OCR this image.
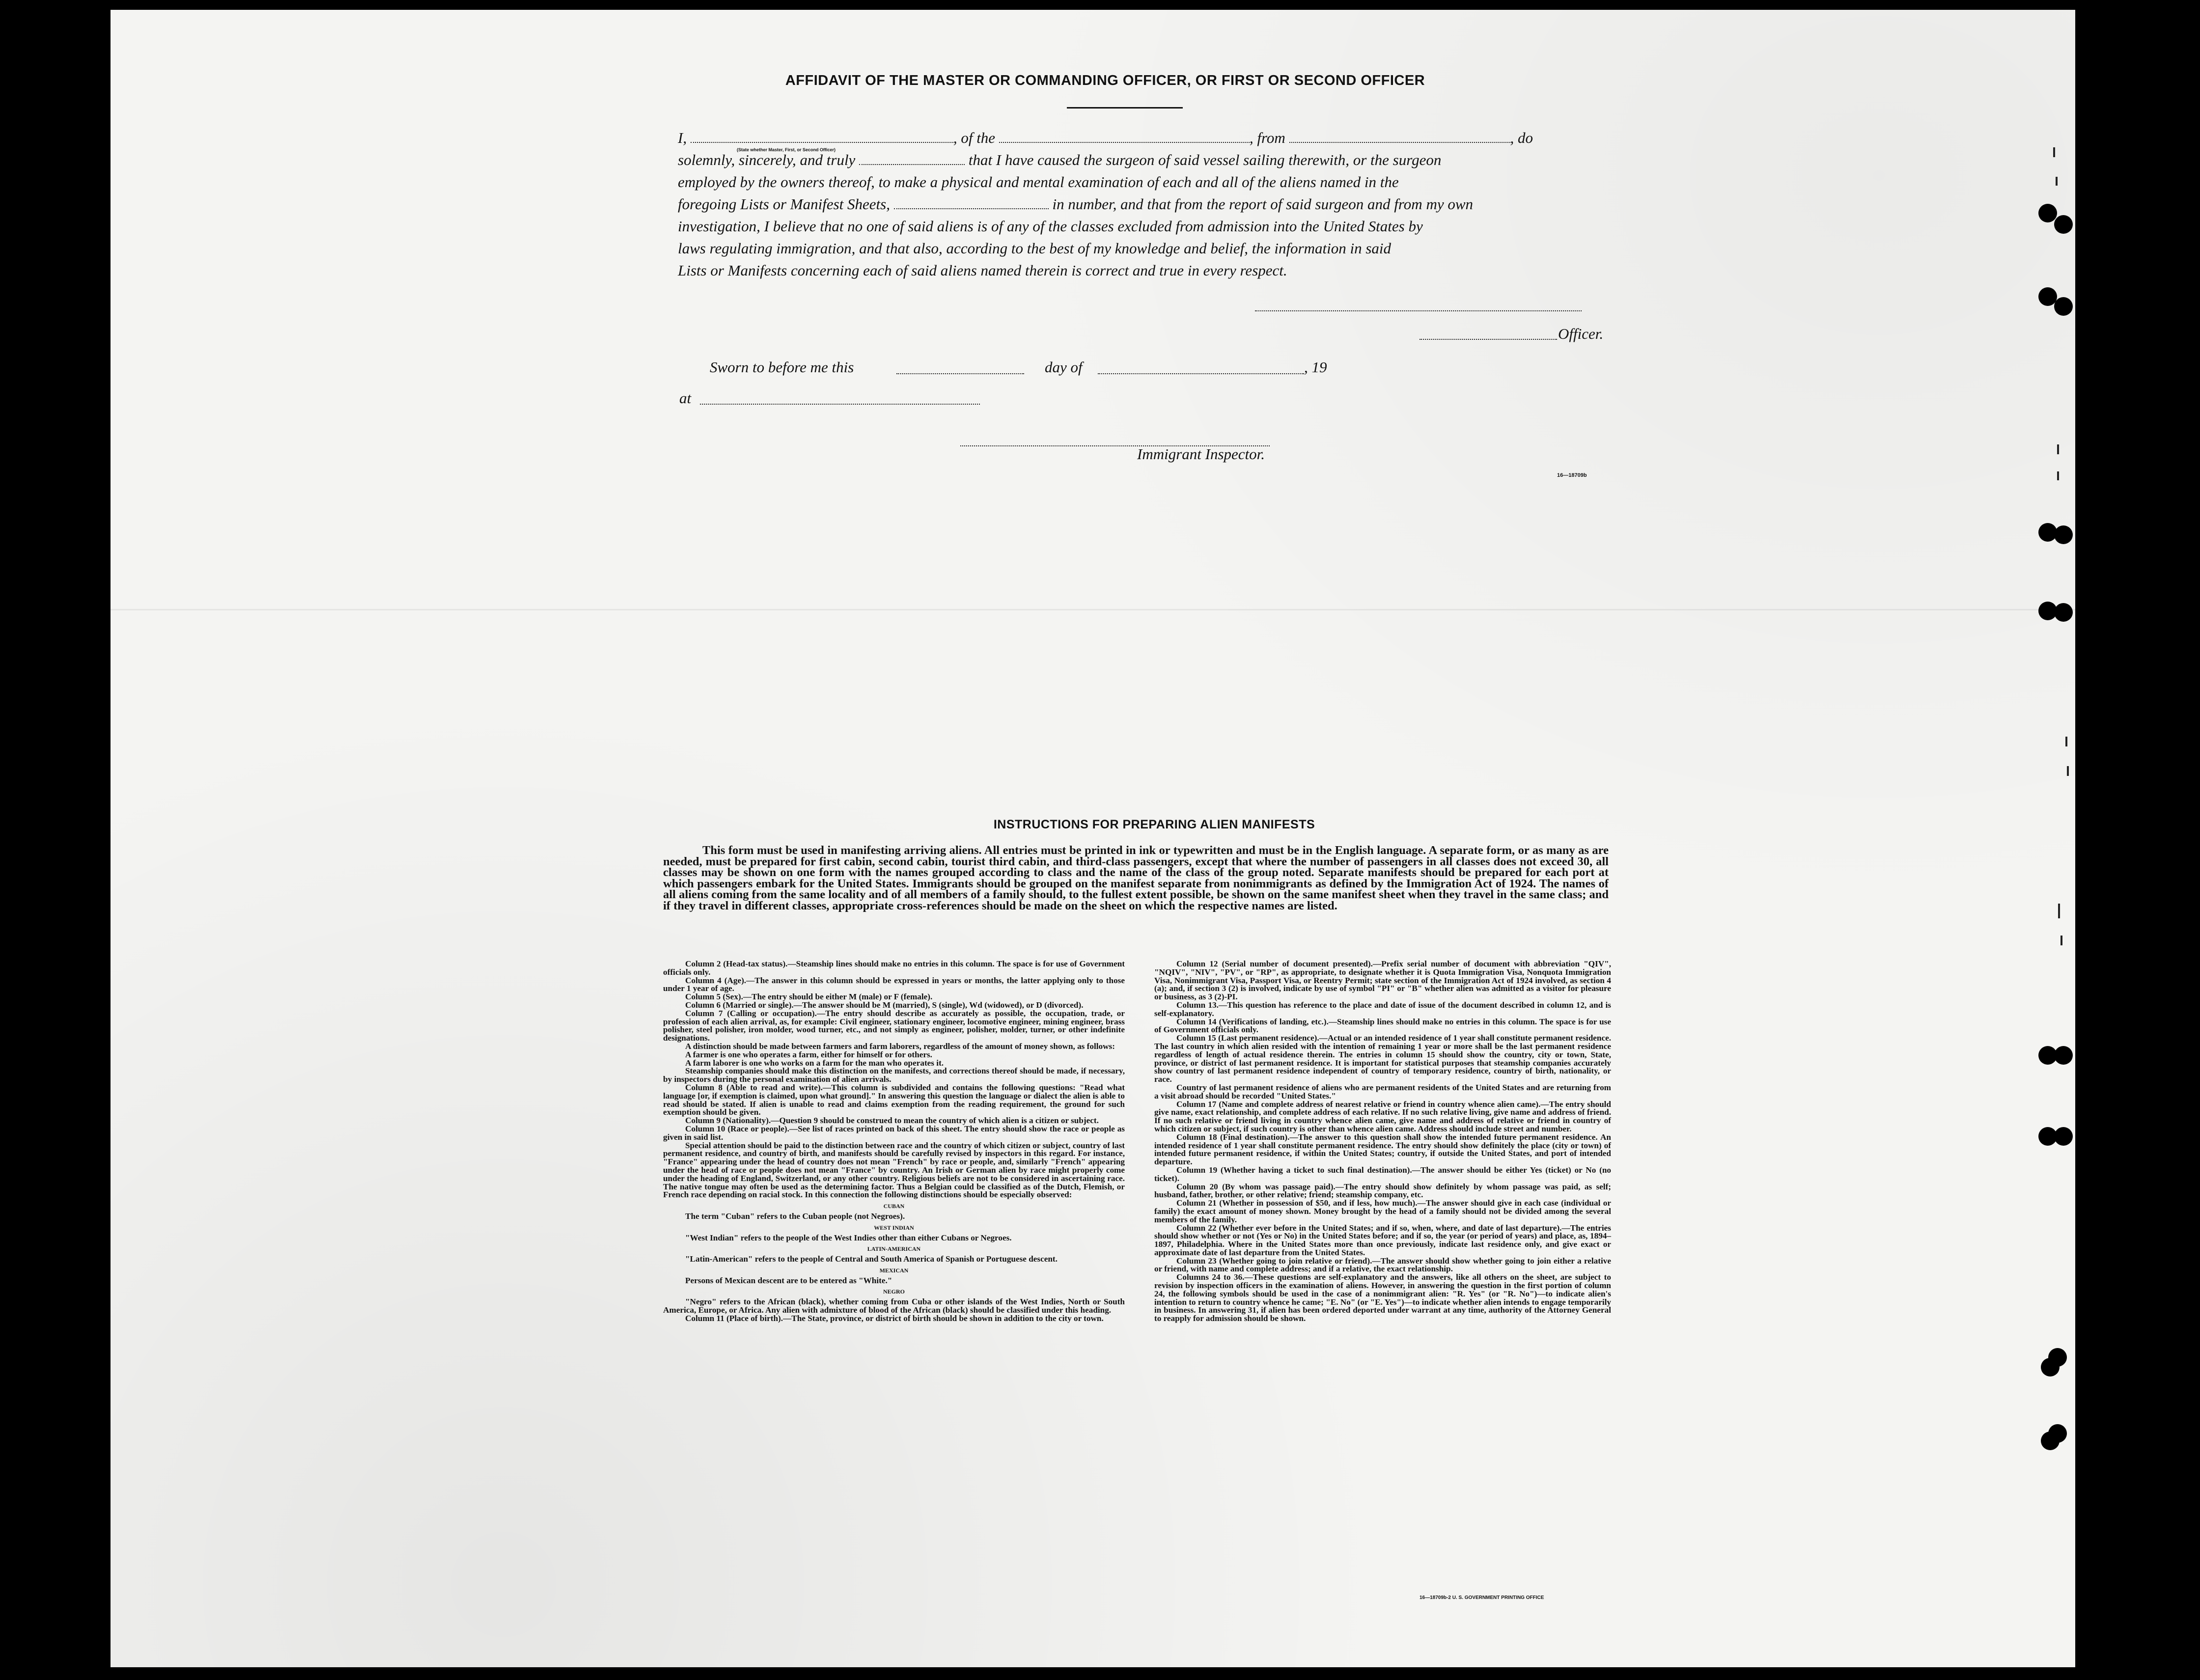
AFFIDAVIT OF THE MASTER OR COMMANDING OFFICER, OR FIRST OR SECOND OFFICER
I,	, of the	, from	, do
solemnly, sincerely, and truly	that I have caused the surgeon of said vessel sailing therewith, or the surgeon
employed by the owners thereof, to make a physical and mental examination of each and all of the aliens named in the
foregoing Lists or Manifest Sheets,	in number, and that from the report of said surgeon and from my own
investigation, I believe that no one of said aliens is of any of the classes excluded from admission into the United States by
laws regulating immigration, and that also, according to the best of my knowledge and belief, the information in said
Lists or Manifests concerning each of said aliens named therein is correct and true in every respect.
(State whether Master, First, or Second Officer)
Officer.
Sworn to before me this	day of	, 19
at
Immigrant Inspector.
16—18709b
INSTRUCTIONS FOR PREPARING ALIEN MANIFESTS
This form must be used in manifesting arriving aliens. All entries must be printed in ink or typewritten and must be in the English language. A separate form, or as many as are needed, must be prepared for first cabin, second cabin, tourist third cabin, and third-class passengers, except that where the number of passengers in all classes does not exceed 30, all classes may be shown on one form with the names grouped according to class and the name of the class of the group noted. Separate manifests should be prepared for each port at which passengers embark for the United States. Immigrants should be grouped on the manifest separate from nonimmigrants as defined by the Immigration Act of 1924. The names of all aliens coming from the same locality and of all members of a family should, to the fullest extent possible, be shown on the same manifest sheet when they travel in the same class; and if they travel in different classes, appropriate cross-references should be made on the sheet on which the respective names are listed.

Column 2 (Head-tax status).—Steamship lines should make no entries in this column. The space is for use of Government officials only.

Column 4 (Age).—The answer in this column should be expressed in years or months, the latter applying only to those under 1 year of age.

Column 5 (Sex).—The entry should be either M (male) or F (female).

Column 6 (Married or single).—The answer should be M (married), S (single), Wd (widowed), or D (divorced).

Column 7 (Calling or occupation).—The entry should describe as accurately as possible, the occupation, trade, or profession of each alien arrival, as, for example: Civil engineer, stationary engineer, locomotive engineer, mining engineer, brass polisher, steel polisher, iron molder, wood turner, etc., and not simply as engineer, polisher, molder, turner, or other indefinite designations.

A distinction should be made between farmers and farm laborers, regardless of the amount of money shown, as follows:

A farmer is one who operates a farm, either for himself or for others.

A farm laborer is one who works on a farm for the man who operates it.

Steamship companies should make this distinction on the manifests, and corrections thereof should be made, if necessary, by inspectors during the personal examination of alien arrivals.

Column 8 (Able to read and write).—This column is subdivided and contains the following questions: "Read what language [or, if exemption is claimed, upon what ground]." In answering this question the language or dialect the alien is able to read should be stated. If alien is unable to read and claims exemption from the reading requirement, the ground for such exemption should be given.

Column 9 (Nationality).—Question 9 should be construed to mean the country of which alien is a citizen or subject.

Column 10 (Race or people).—See list of races printed on back of this sheet. The entry should show the race or people as given in said list.

Special attention should be paid to the distinction between race and the country of which citizen or subject, country of last permanent residence, and country of birth, and manifests should be carefully revised by inspectors in this regard. For instance, "France" appearing under the head of country does not mean "French" by race or people, and, similarly "French" appearing under the head of race or people does not mean "France" by country. An Irish or German alien by race might properly come under the heading of England, Switzerland, or any other country. Religious beliefs are not to be considered in ascertaining race. The native tongue may often be used as the determining factor. Thus a Belgian could be classified as of the Dutch, Flemish, or French race depending on racial stock. In this connection the following distinctions should be especially observed:

CUBAN

The term "Cuban" refers to the Cuban people (not Negroes).

WEST INDIAN

"West Indian" refers to the people of the West Indies other than either Cubans or Negroes.

LATIN-AMERICAN

"Latin-American" refers to the people of Central and South America of Spanish or Portuguese descent.

MEXICAN

Persons of Mexican descent are to be entered as "White."

NEGRO

"Negro" refers to the African (black), whether coming from Cuba or other islands of the West Indies, North or South America, Europe, or Africa. Any alien with admixture of blood of the African (black) should be classified under this heading.

Column 11 (Place of birth).—The State, province, or district of birth should be shown in addition to the city or town.

Column 12 (Serial number of document presented).—Prefix serial number of document with abbreviation "QIV", "NQIV", "NIV", "PV", or "RP", as appropriate, to designate whether it is Quota Immigration Visa, Nonquota Immigration Visa, Nonimmigrant Visa, Passport Visa, or Reentry Permit; state section of the Immigration Act of 1924 involved, as section 4 (a); and, if section 3 (2) is involved, indicate by use of symbol "PI" or "B" whether alien was admitted as a visitor for pleasure or business, as 3 (2)-PI.

Column 13.—This question has reference to the place and date of issue of the document described in column 12, and is self-explanatory.

Column 14 (Verifications of landing, etc.).—Steamship lines should make no entries in this column. The space is for use of Government officials only.

Column 15 (Last permanent residence).—Actual or an intended residence of 1 year shall constitute permanent residence. The last country in which alien resided with the intention of remaining 1 year or more shall be the last permanent residence regardless of length of actual residence therein. The entries in column 15 should show the country, city or town, State, province, or district of last permanent residence. It is important for statistical purposes that steamship companies accurately show country of last permanent residence independent of country of temporary residence, country of birth, nationality, or race.

Country of last permanent residence of aliens who are permanent residents of the United States and are returning from a visit abroad should be recorded "United States."

Column 17 (Name and complete address of nearest relative or friend in country whence alien came).—The entry should give name, exact relationship, and complete address of each relative. If no such relative living, give name and address of friend. If no such relative or friend living in country whence alien came, give name and address of relative or friend in country of which citizen or subject, if such country is other than whence alien came. Address should include street and number.

Column 18 (Final destination).—The answer to this question shall show the intended future permanent residence. An intended residence of 1 year shall constitute permanent residence. The entry should show definitely the place (city or town) of intended future permanent residence, if within the United States; country, if outside the United States, and port of intended departure.

Column 19 (Whether having a ticket to such final destination).—The answer should be either Yes (ticket) or No (no ticket).

Column 20 (By whom was passage paid).—The entry should show definitely by whom passage was paid, as self; husband, father, brother, or other relative; friend; steamship company, etc.

Column 21 (Whether in possession of $50, and if less, how much).—The answer should give in each case (individual or family) the exact amount of money shown. Money brought by the head of a family should not be divided among the several members of the family.

Column 22 (Whether ever before in the United States; and if so, when, where, and date of last departure).—The entries should show whether or not (Yes or No) in the United States before; and if so, the year (or period of years) and place, as, 1894–1897, Philadelphia. Where in the United States more than once previously, indicate last residence only, and give exact or approximate date of last departure from the United States.

Column 23 (Whether going to join relative or friend).—The answer should show whether going to join either a relative or friend, with name and complete address; and if a relative, the exact relationship.

Columns 24 to 36.—These questions are self-explanatory and the answers, like all others on the sheet, are subject to revision by inspection officers in the examination of aliens. However, in answering the question in the first portion of column 24, the following symbols should be used in the case of a nonimmigrant alien: "R. Yes" (or "R. No")—to indicate alien's intention to return to country whence he came; "E. No" (or "E. Yes")—to indicate whether alien intends to engage temporarily in business. In answering 31, if alien has been ordered deported under warrant at any time, authority of the Attorney General to reapply for admission should be shown.

16—18709b-2 U. S. GOVERNMENT PRINTING OFFICE
